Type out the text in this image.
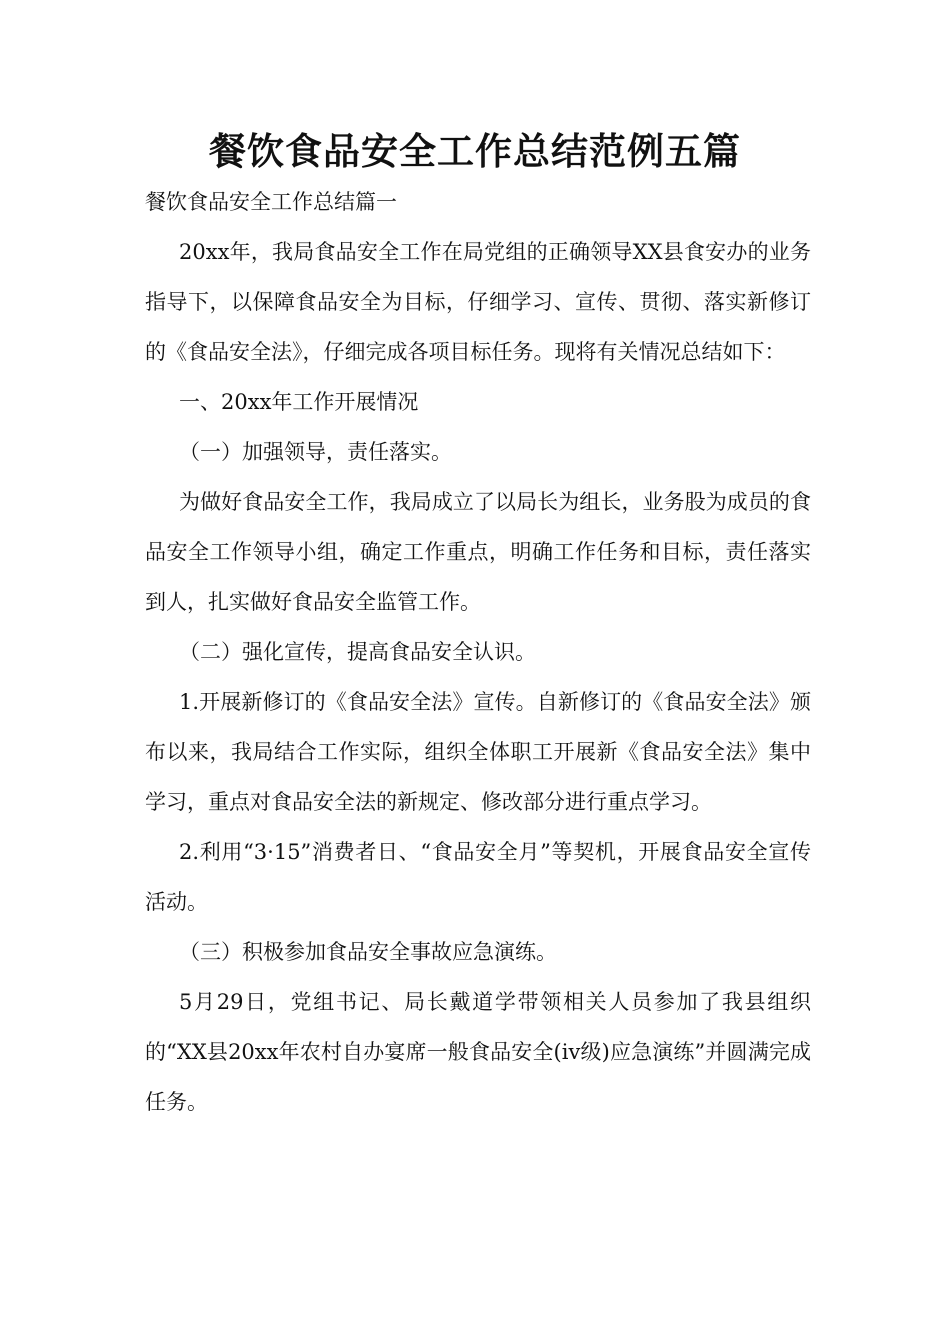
餐饮食品安全工作总结范例五篇

餐饮食品安全工作总结篇一

20xx年，我局食品安全工作在局党组的正确领导XX县食安办的业务指导下，以保障食品安全为目标，仔细学习、宣传、贯彻、落实新修订的《食品安全法》，仔细完成各项目标任务。现将有关情况总结如下：

一、20xx年工作开展情况

（一）加强领导，责任落实。

为做好食品安全工作，我局成立了以局长为组长，业务股为成员的食品安全工作领导小组，确定工作重点，明确工作任务和目标，责任落实到人，扎实做好食品安全监管工作。

（二）强化宣传，提高食品安全认识。

1.开展新修订的《食品安全法》宣传。自新修订的《食品安全法》颁布以来，我局结合工作实际，组织全体职工开展新《食品安全法》集中学习，重点对食品安全法的新规定、修改部分进行重点学习。

2.利用“3·15”消费者日、“食品安全月”等契机，开展食品安全宣传活动。

（三）积极参加食品安全事故应急演练。

5月29日，党组书记、局长戴道学带领相关人员参加了我县组织的“XX县20xx年农村自办宴席一般食品安全(iv级)应急演练”并圆满完成任务。
